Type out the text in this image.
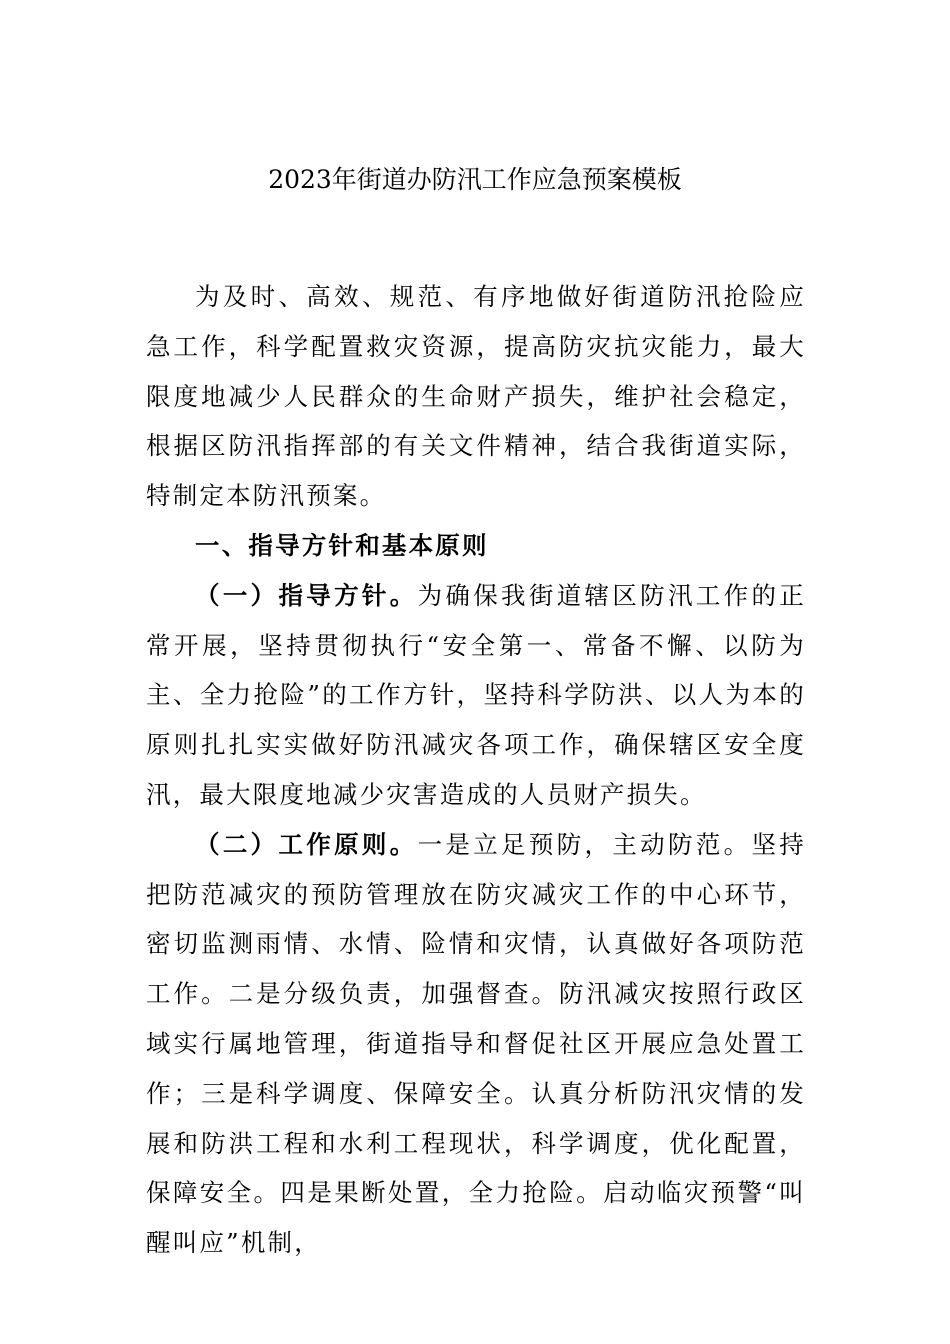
2023年街道办防汛工作应急预案模板

为及时、高效、规范、有序地做好街道防汛抢险应急工作，科学配置救灾资源，提高防灾抗灾能力，最大限度地减少人民群众的生命财产损失，维护社会稳定，根据区防汛指挥部的有关文件精神，结合我街道实际，特制定本防汛预案。

一、指导方针和基本原则

（一）指导方针。为确保我街道辖区防汛工作的正常开展，坚持贯彻执行“安全第一、常备不懈、以防为主、全力抢险”的工作方针，坚持科学防洪、以人为本的原则扎扎实实做好防汛减灾各项工作，确保辖区安全度汛，最大限度地减少灾害造成的人员财产损失。

（二）工作原则。一是立足预防，主动防范。坚持把防范减灾的预防管理放在防灾减灾工作的中心环节，密切监测雨情、水情、险情和灾情，认真做好各项防范工作。二是分级负责，加强督查。防汛减灾按照行政区域实行属地管理，街道指导和督促社区开展应急处置工作；三是科学调度、保障安全。认真分析防汛灾情的发展和防洪工程和水利工程现状，科学调度，优化配置，保障安全。四是果断处置，全力抢险。启动临灾预警“叫醒叫应”机制，
